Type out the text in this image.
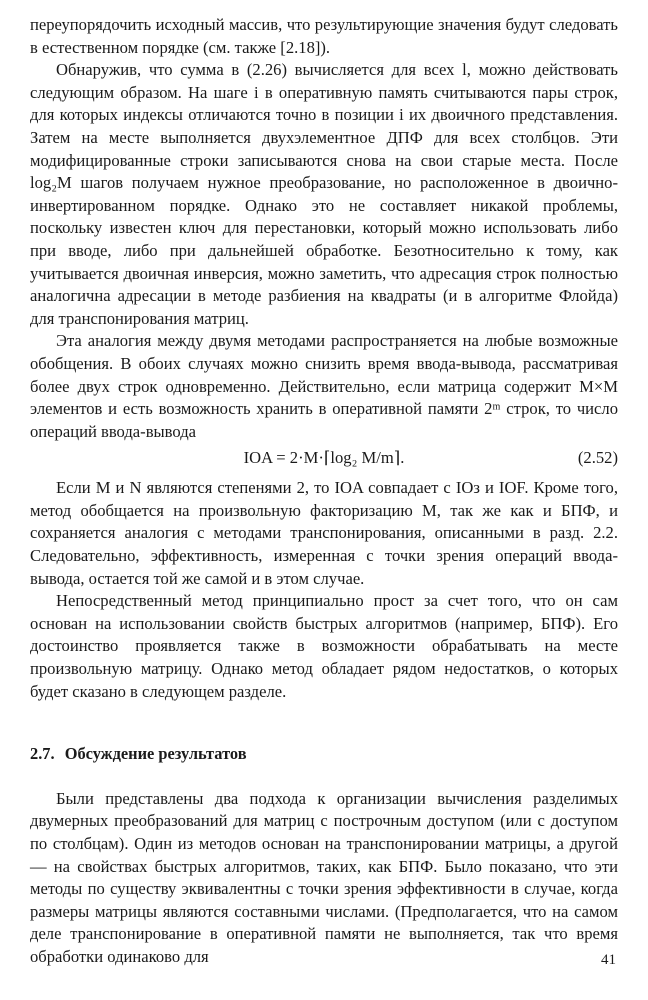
переупорядочить исходный массив, что результирующие значения будут следовать в естественном порядке (см. также [2.18]).

Обнаружив, что сумма в (2.26) вычисляется для всех l, можно действовать следующим образом. На шаге i в оперативную память считываются пары строк, для которых индексы отличаются точно в позиции i их двоичного представления. Затем на месте выполняется двухэлементное ДПФ для всех столбцов. Эти модифицированные строки записываются снова на свои старые места. После log₂M шагов получаем нужное преобразование, но расположенное в двоично-инвертированном порядке. Однако это не составляет никакой проблемы, поскольку известен ключ для перестановки, который можно использовать либо при вводе, либо при дальнейшей обработке. Безотносительно к тому, как учитывается двоичная инверсия, можно заметить, что адресация строк полностью аналогична адресации в методе разбиения на квадраты (и в алгоритме Флойда) для транспонирования матриц.

Эта аналогия между двумя методами распространяется на любые возможные обобщения. В обоих случаях можно снизить время ввода-вывода, рассматривая более двух строк одновременно. Действительно, если матрица содержит M×M элементов и есть возможность хранить в оперативной памяти 2ᵐ строк, то число операций ввода-вывода

IOA = 2·M·⌈log₂ M/m⌉.	(2.52)

Если M и N являются степенями 2, то IOA совпадает с IOз и IOF. Кроме того, метод обобщается на произвольную факторизацию M, так же как и БПФ, и сохраняется аналогия с методами транспонирования, описанными в разд. 2.2. Следовательно, эффективность, измеренная с точки зрения операций ввода-вывода, остается той же самой и в этом случае.

Непосредственный метод принципиально прост за счет того, что он сам основан на использовании свойств быстрых алгоритмов (например, БПФ). Его достоинство проявляется также в возможности обрабатывать на месте произвольную матрицу. Однако метод обладает рядом недостатков, о которых будет сказано в следующем разделе.

2.7. Обсуждение результатов

Были представлены два подхода к организации вычисления разделимых двумерных преобразований для матриц с построчным доступом (или с доступом по столбцам). Один из методов основан на транспонировании матрицы, а другой — на свойствах быстрых алгоритмов, таких, как БПФ. Было показано, что эти методы по существу эквивалентны с точки зрения эффективности в случае, когда размеры матрицы являются составными числами. (Предполагается, что на самом деле транспонирование в оперативной памяти не выполняется, так что время обработки одинаково для	41
